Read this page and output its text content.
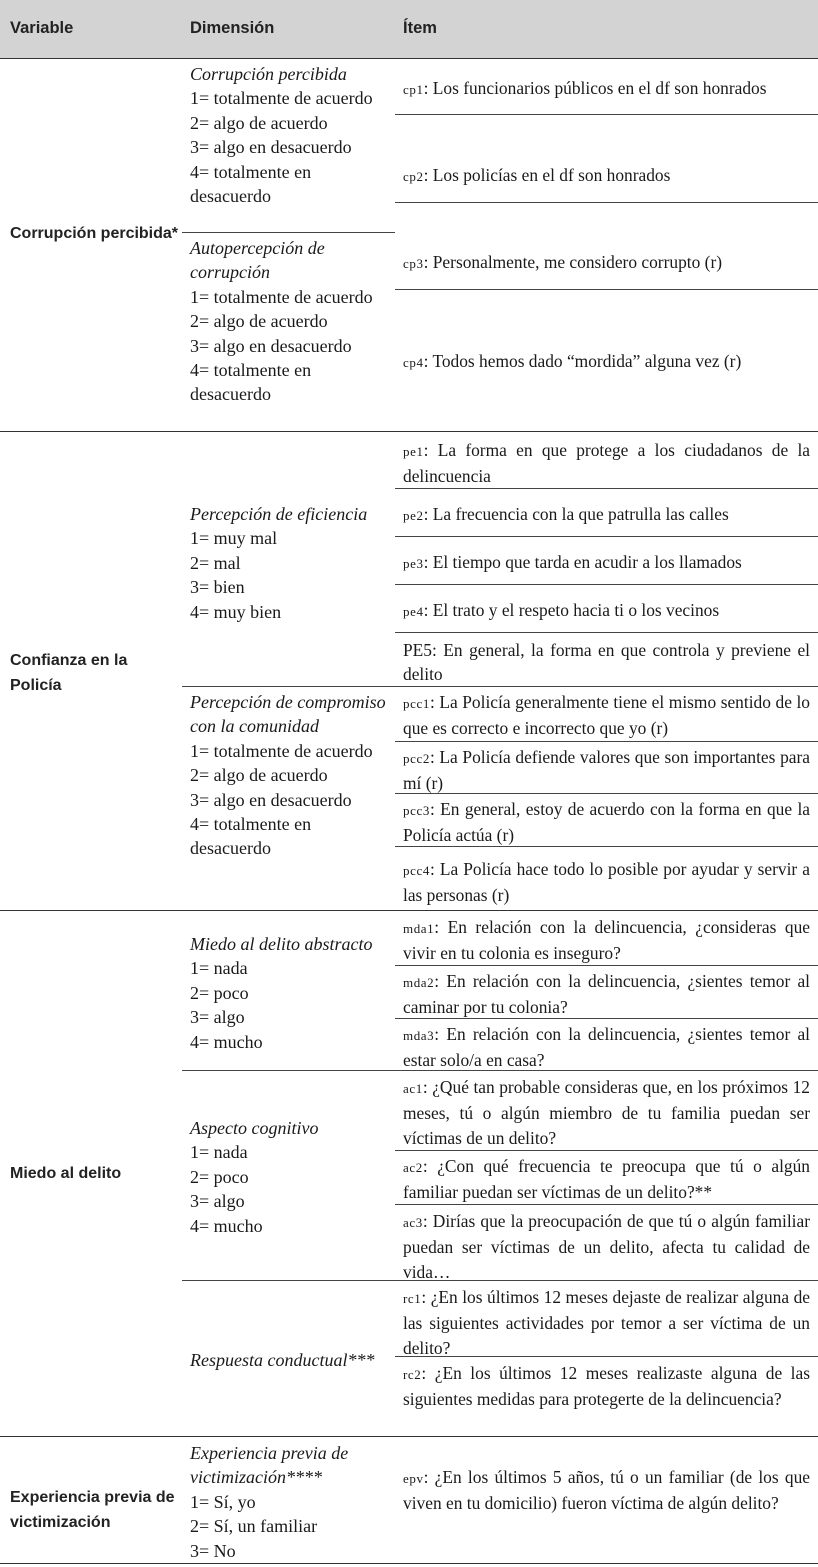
Variable	Dimensión	Ítem
Corrupción percibida*
Confianza en la Policía
Miedo al delito
Experiencia previa de victimización
Corrupción percibida
1= totalmente de acuerdo
2= algo de acuerdo
3= algo en desacuerdo
4= totalmente en desacuerdo
Autopercepción de corrupción
1= totalmente de acuerdo
2= algo de acuerdo
3= algo en desacuerdo
4= totalmente en desacuerdo
Percepción de eficiencia
1= muy mal
2= mal
3= bien
4= muy bien
Percepción de compromiso con la comunidad
1= totalmente de acuerdo
2= algo de acuerdo
3= algo en desacuerdo
4= totalmente en desacuerdo
Miedo al delito abstracto
1= nada
2= poco
3= algo
4= mucho
Aspecto cognitivo
1= nada
2= poco
3= algo
4= mucho
Respuesta conductual***
Experiencia previa de victimización****
1= Sí, yo
2= Sí, un familiar
3= No
cp1: Los funcionarios públicos en el df son honrados
cp2: Los policías en el df son honrados
cp3: Personalmente, me considero corrupto (r)
cp4: Todos hemos dado “mordida” alguna vez (r)
pe1: La forma en que protege a los ciudadanos de la delincuencia
pe2: La frecuencia con la que patrulla las calles
pe3: El tiempo que tarda en acudir a los llamados
pe4: El trato y el respeto hacia ti o los vecinos
PE5: En general, la forma en que controla y previene el delito
pcc1: La Policía generalmente tiene el mismo sentido de lo que es correcto e incorrecto que yo (r)
pcc2: La Policía defiende valores que son importantes para mí (r)
pcc3: En general, estoy de acuerdo con la forma en que la Policía actúa (r)
pcc4: La Policía hace todo lo posible por ayudar y servir a las personas (r)
mda1: En relación con la delincuencia, ¿consideras que vivir en tu colonia es inseguro?
mda2: En relación con la delincuencia, ¿sientes temor al caminar por tu colonia?
mda3: En relación con la delincuencia, ¿sientes temor al estar solo/a en casa?
ac1: ¿Qué tan probable consideras que, en los próximos 12 meses, tú o algún miembro de tu familia puedan ser víctimas de un delito?
ac2: ¿Con qué frecuencia te preocupa que tú o algún familiar puedan ser víctimas de un delito?**
ac3: Dirías que la preocupación de que tú o algún familiar puedan ser víctimas de un delito, afecta tu calidad de vida…
rc1: ¿En los últimos 12 meses dejaste de realizar alguna de las siguientes actividades por temor a ser víctima de un delito?
rc2: ¿En los últimos 12 meses realizaste alguna de las siguientes medidas para protegerte de la delincuencia?
epv: ¿En los últimos 5 años, tú o un familiar (de los que viven en tu domicilio) fueron víctima de algún delito?
